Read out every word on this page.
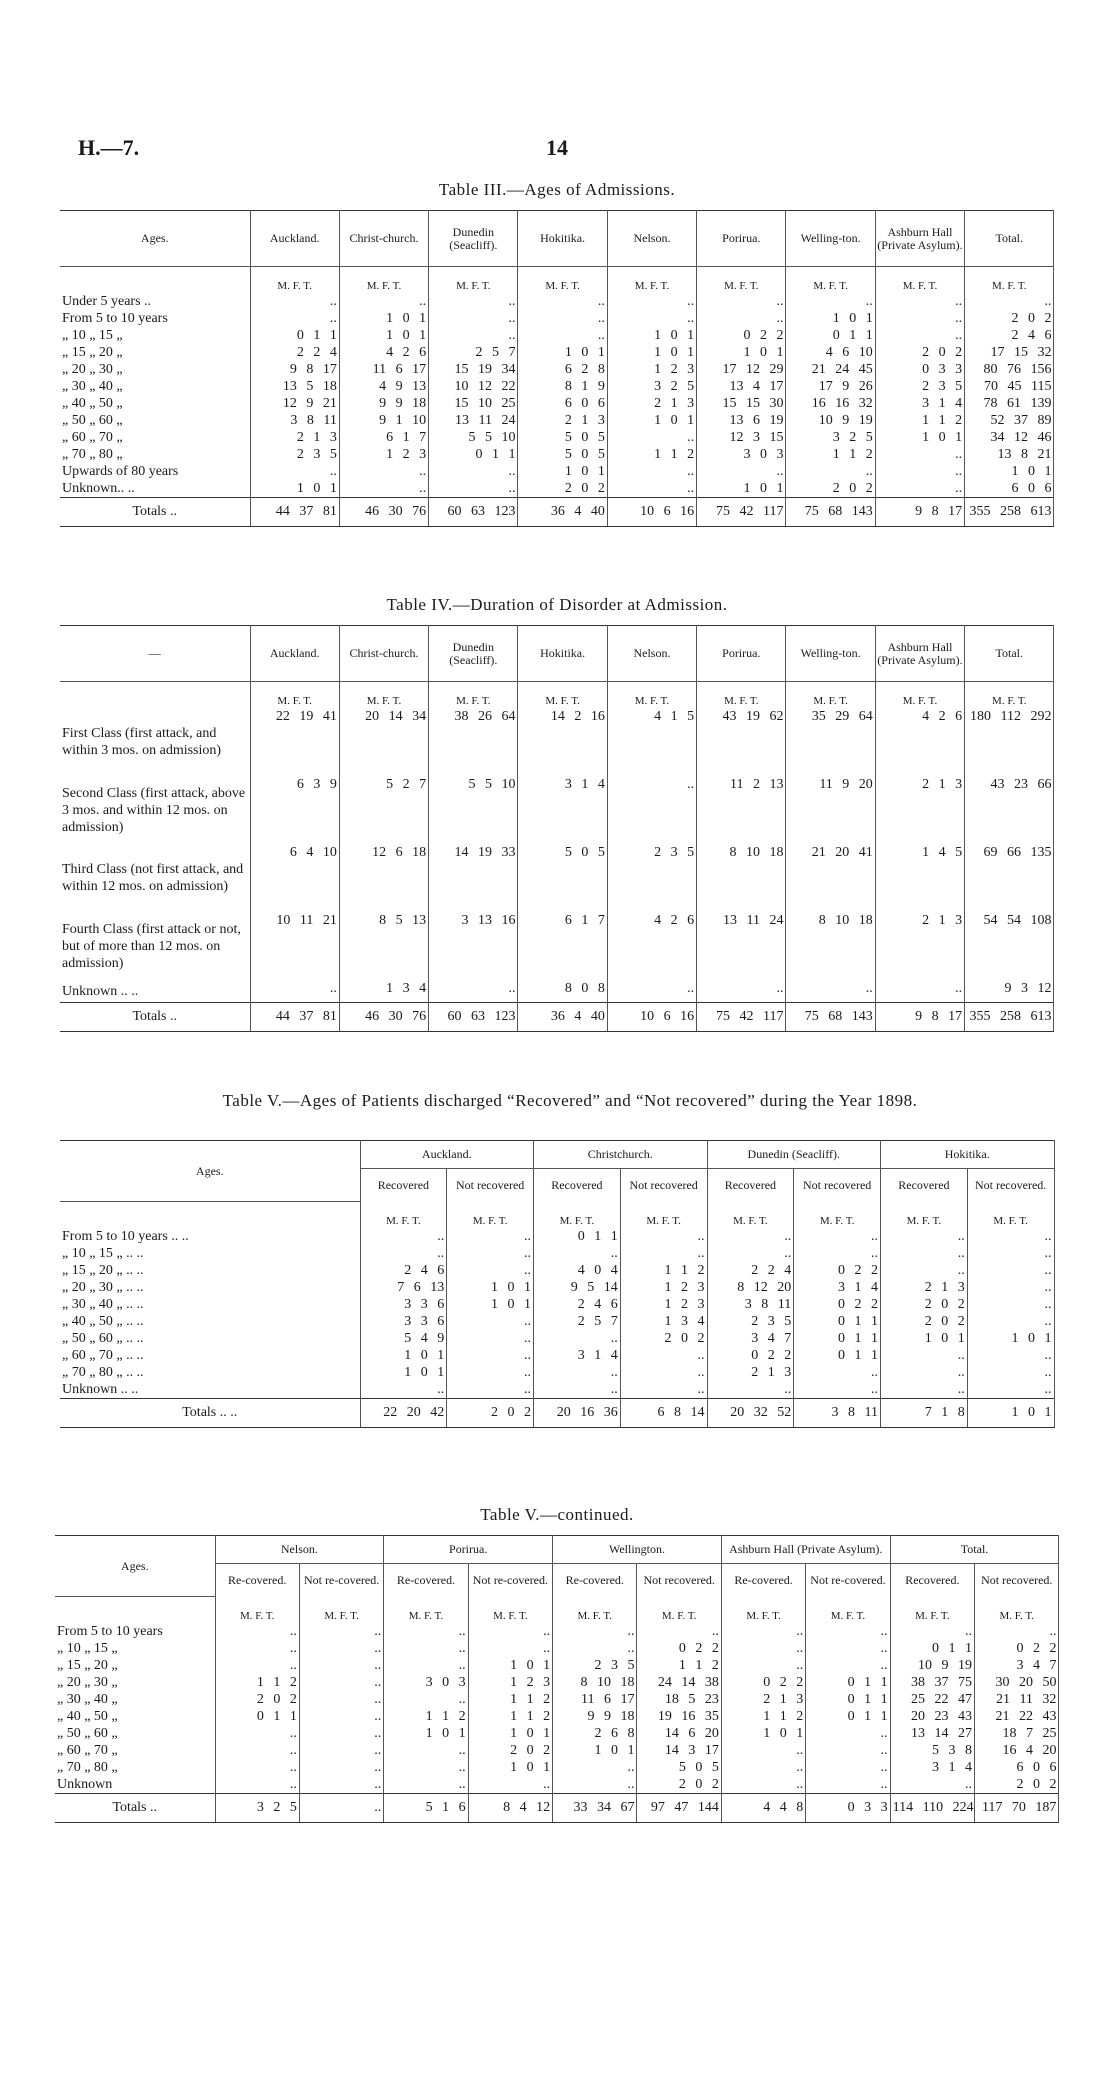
H.—7.	14
Table III.—Ages of Admissions.
Ages.	Auckland.	Christ-church.	Dunedin (Seacliff).	Hokitika.	Nelson.	Porirua.	Welling-ton.	Ashburn Hall (Private Asylum).	Total.
	M. F. T.	M. F. T.	M. F. T.	M. F. T.	M. F. T.	M. F. T.	M. F. T.	M. F. T.	M. F. T.
Under 5 years ..	..	..	..	..	..	..	..	..	..
From 5 to 10 years	..	1 0 1	..	..	..	..	1 0 1	..	2 0 2
„ 10 „ 15 „	0 1 1	1 0 1	..	..	1 0 1	0 2 2	0 1 1	..	2 4 6
„ 15 „ 20 „	2 2 4	4 2 6	2 5 7	1 0 1	1 0 1	1 0 1	4 6 10	2 0 2	17 15 32
„ 20 „ 30 „	9 8 17	11 6 17	15 19 34	6 2 8	1 2 3	17 12 29	21 24 45	0 3 3	80 76 156
„ 30 „ 40 „	13 5 18	4 9 13	10 12 22	8 1 9	3 2 5	13 4 17	17 9 26	2 3 5	70 45 115
„ 40 „ 50 „	12 9 21	9 9 18	15 10 25	6 0 6	2 1 3	15 15 30	16 16 32	3 1 4	78 61 139
„ 50 „ 60 „	3 8 11	9 1 10	13 11 24	2 1 3	1 0 1	13 6 19	10 9 19	1 1 2	52 37 89
„ 60 „ 70 „	2 1 3	6 1 7	5 5 10	5 0 5	..	12 3 15	3 2 5	1 0 1	34 12 46
„ 70 „ 80 „	2 3 5	1 2 3	0 1 1	5 0 5	1 1 2	3 0 3	1 1 2	..	13 8 21
Upwards of 80 years	..	..	..	1 0 1	..	..	..	..	1 0 1
Unknown.. ..	1 0 1	..	..	2 0 2	..	1 0 1	2 0 2	..	6 0 6
Totals ..	44 37 81	46 30 76	60 63 123	36 4 40	10 6 16	75 42 117	75 68 143	9 8 17	355 258 613
Table IV.—Duration of Disorder at Admission.
—	Auckland.	Christ-church.	Dunedin (Seacliff).	Hokitika.	Nelson.	Porirua.	Welling-ton.	Ashburn Hall (Private Asylum).	Total.
	M. F. T.	M. F. T.	M. F. T.	M. F. T.	M. F. T.	M. F. T.	M. F. T.	M. F. T.	M. F. T.
First Class (first attack, and within 3 mos. on admission)	22 19 41	20 14 34	38 26 64	14 2 16	4 1 5	43 19 62	35 29 64	4 2 6	180 112 292
Second Class (first attack, above 3 mos. and within 12 mos. on admission)	6 3 9	5 2 7	5 5 10	3 1 4	..	11 2 13	11 9 20	2 1 3	43 23 66
Third Class (not first attack, and within 12 mos. on admission)	6 4 10	12 6 18	14 19 33	5 0 5	2 3 5	8 10 18	21 20 41	1 4 5	69 66 135
Fourth Class (first attack or not, but of more than 12 mos. on admission)	10 11 21	8 5 13	3 13 16	6 1 7	4 2 6	13 11 24	8 10 18	2 1 3	54 54 108
Unknown .. ..	..	1 3 4	..	8 0 8	..	..	..	..	9 3 12
Totals ..	44 37 81	46 30 76	60 63 123	36 4 40	10 6 16	75 42 117	75 68 143	9 8 17	355 258 613
Table V.—Ages of Patients discharged “Recovered” and “Not recovered” during the Year 1898.
Ages.	Auckland.		Christchurch.		Dunedin (Seacliff).		Hokitika.	
	Recovered	Not recovered	Recovered	Not recovered	Recovered	Not recovered	Recovered	Not recovered.
	M. F. T.	M. F. T.	M. F. T.	M. F. T.	M. F. T.	M. F. T.	M. F. T.	M. F. T.
From 5 to 10 years .. ..	..	..	0 1 1	..	..	..	..	..
„ 10 „ 15 „ .. ..	..	..	..	..	..	..	..	..
„ 15 „ 20 „ .. ..	2 4 6	..	4 0 4	1 1 2	2 2 4	0 2 2	..	..
„ 20 „ 30 „ .. ..	7 6 13	1 0 1	9 5 14	1 2 3	8 12 20	3 1 4	2 1 3	..
„ 30 „ 40 „ .. ..	3 3 6	1 0 1	2 4 6	1 2 3	3 8 11	0 2 2	2 0 2	..
„ 40 „ 50 „ .. ..	3 3 6	..	2 5 7	1 3 4	2 3 5	0 1 1	2 0 2	..
„ 50 „ 60 „ .. ..	5 4 9	..	..	2 0 2	3 4 7	0 1 1	1 0 1	1 0 1
„ 60 „ 70 „ .. ..	1 0 1	..	3 1 4	..	0 2 2	0 1 1	..	..
„ 70 „ 80 „ .. ..	1 0 1	..	..	..	2 1 3	..	..	..
Unknown .. ..	..	..	..	..	..	..	..	..
Totals .. ..	22 20 42	2 0 2	20 16 36	6 8 14	20 32 52	3 8 11	7 1 8	1 0 1
Table V.—continued.
Ages.	Nelson.		Porirua.		Wellington.		Ashburn Hall (Private Asylum).		Total.	
	Re-covered.	Not re-covered.	Re-covered.	Not re-covered.	Re-covered.	Not recovered.	Re-covered.	Not re-covered.	Recovered.	Not recovered.
	M. F. T.	M. F. T.	M. F. T.	M. F. T.	M. F. T.	M. F. T.	M. F. T.	M. F. T.	M. F. T.	M. F. T.
From 5 to 10 years	..	..	..	..	..	..	..	..	..	..
„ 10 „ 15 „	..	..	..	..	..	0 2 2	..	..	0 1 1	0 2 2
„ 15 „ 20 „	..	..	..	1 0 1	2 3 5	1 1 2	..	..	10 9 19	3 4 7
„ 20 „ 30 „	1 1 2	..	3 0 3	1 2 3	8 10 18	24 14 38	0 2 2	0 1 1	38 37 75	30 20 50
„ 30 „ 40 „	2 0 2	..	..	1 1 2	11 6 17	18 5 23	2 1 3	0 1 1	25 22 47	21 11 32
„ 40 „ 50 „	0 1 1	..	1 1 2	1 1 2	9 9 18	19 16 35	1 1 2	0 1 1	20 23 43	21 22 43
„ 50 „ 60 „	..	..	1 0 1	1 0 1	2 6 8	14 6 20	1 0 1	..	13 14 27	18 7 25
„ 60 „ 70 „	..	..	..	2 0 2	1 0 1	14 3 17	..	..	5 3 8	16 4 20
„ 70 „ 80 „	..	..	..	1 0 1	..	5 0 5	..	..	3 1 4	6 0 6
Unknown	..	..	..	..	..	2 0 2	..	..	..	2 0 2
Totals ..	3 2 5	..	5 1 6	8 4 12	33 34 67	97 47 144	4 4 8	0 3 3	114 110 224	117 70 187
